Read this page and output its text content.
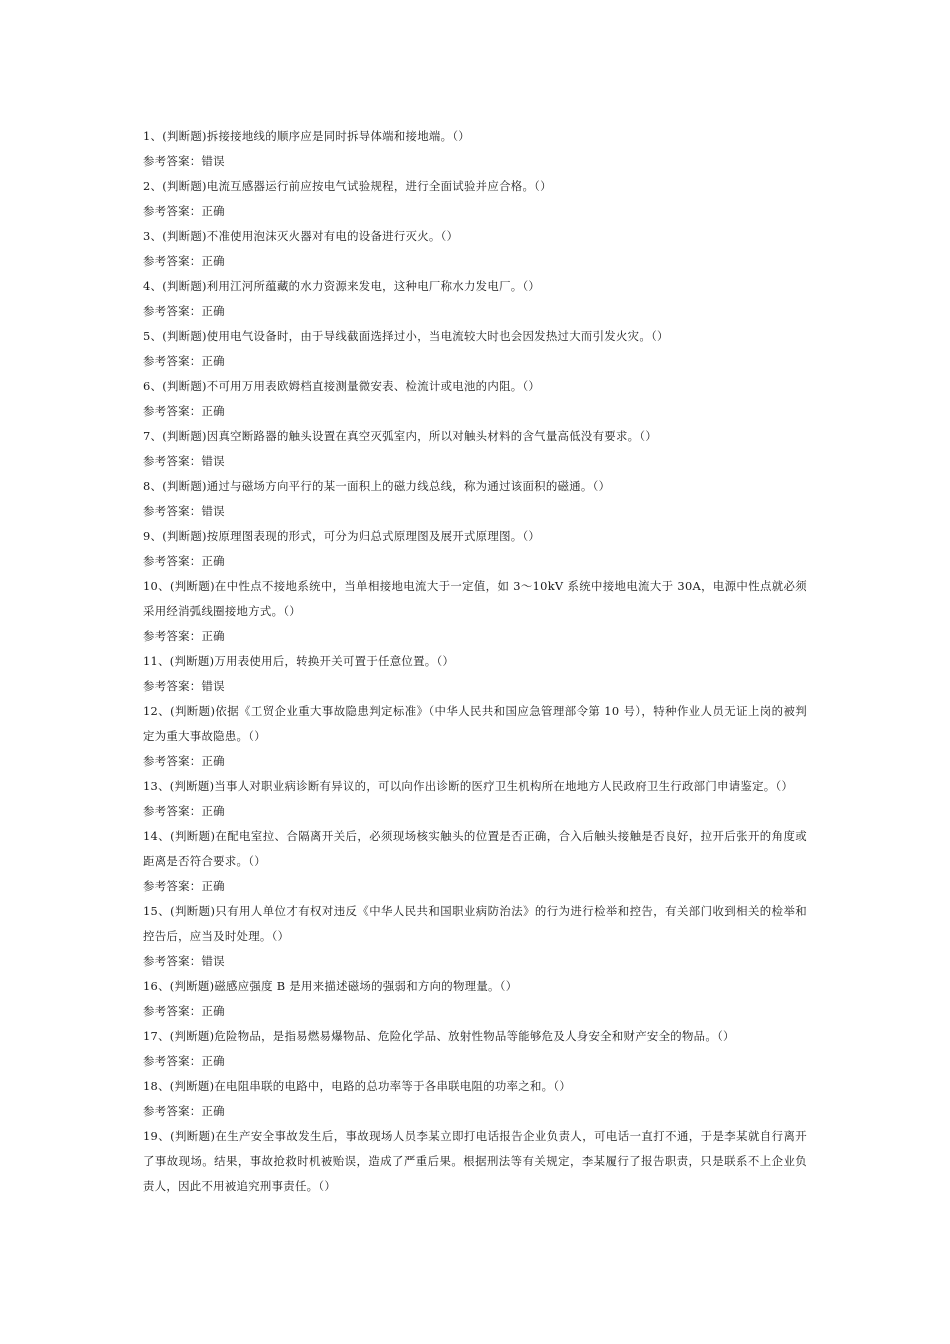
1、(判断题)拆接接地线的顺序应是同时拆导体端和接地端。（）

参考答案：错误

2、(判断题)电流互感器运行前应按电气试验规程，进行全面试验并应合格。（）

参考答案：正确

3、(判断题)不准使用泡沫灭火器对有电的设备进行灭火。（）

参考答案：正确

4、(判断题)利用江河所蕴藏的水力资源来发电，这种电厂称水力发电厂。（）

参考答案：正确

5、(判断题)使用电气设备时，由于导线截面选择过小，当电流较大时也会因发热过大而引发火灾。（）

参考答案：正确

6、(判断题)不可用万用表欧姆档直接测量微安表、检流计或电池的内阻。（）

参考答案：正确

7、(判断题)因真空断路器的触头设置在真空灭弧室内，所以对触头材料的含气量高低没有要求。（）

参考答案：错误

8、(判断题)通过与磁场方向平行的某一面积上的磁力线总线，称为通过该面积的磁通。（）

参考答案：错误

9、(判断题)按原理图表现的形式，可分为归总式原理图及展开式原理图。（）

参考答案：正确

10、(判断题)在中性点不接地系统中，当单相接地电流大于一定值，如 3～10kV 系统中接地电流大于 30A，电源中性点就必须采用经消弧线圈接地方式。（）

参考答案：正确

11、(判断题)万用表使用后，转换开关可置于任意位置。（）

参考答案：错误

12、(判断题)依据《工贸企业重大事故隐患判定标准》（中华人民共和国应急管理部令第 10 号），特种作业人员无证上岗的被判定为重大事故隐患。（）

参考答案：正确

13、(判断题)当事人对职业病诊断有异议的，可以向作出诊断的医疗卫生机构所在地地方人民政府卫生行政部门申请鉴定。（）

参考答案：正确

14、(判断题)在配电室拉、合隔离开关后，必须现场核实触头的位置是否正确，合入后触头接触是否良好，拉开后张开的角度或距离是否符合要求。（）

参考答案：正确

15、(判断题)只有用人单位才有权对违反《中华人民共和国职业病防治法》的行为进行检举和控告，有关部门收到相关的检举和控告后，应当及时处理。（）

参考答案：错误

16、(判断题)磁感应强度 B 是用来描述磁场的强弱和方向的物理量。（）

参考答案：正确

17、(判断题)危险物品，是指易燃易爆物品、危险化学品、放射性物品等能够危及人身安全和财产安全的物品。（）

参考答案：正确

18、(判断题)在电阻串联的电路中，电路的总功率等于各串联电阻的功率之和。（）

参考答案：正确

19、(判断题)在生产安全事故发生后，事故现场人员李某立即打电话报告企业负责人，可电话一直打不通，于是李某就自行离开了事故现场。结果，事故抢救时机被贻误，造成了严重后果。根据刑法等有关规定，李某履行了报告职责，只是联系不上企业负责人，因此不用被追究刑事责任。（）
